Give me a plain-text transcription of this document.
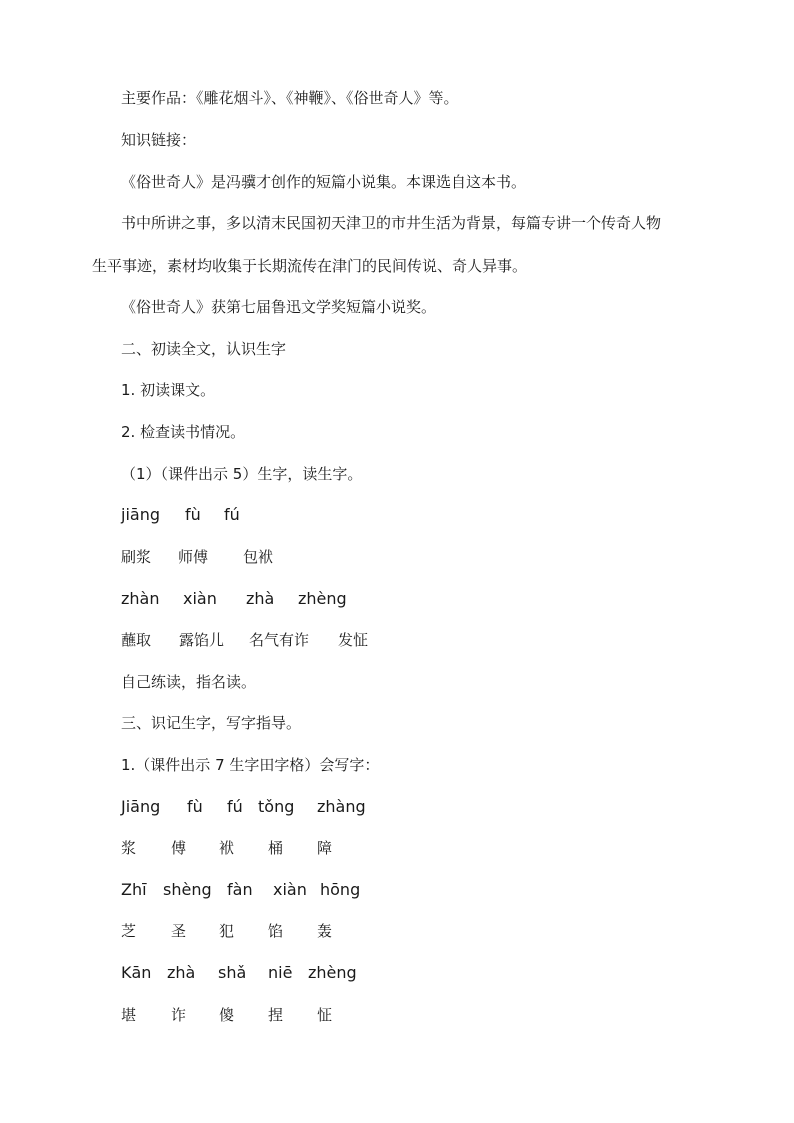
主要作品：《雕花烟斗》、《神鞭》、《俗世奇人》等。

知识链接：

《俗世奇人》是冯骥才创作的短篇小说集。本课选自这本书。

书中所讲之事，多以清末民国初天津卫的市井生活为背景，每篇专讲一个传奇人物

生平事迹，素材均收集于长期流传在津门的民间传说、奇人异事。

《俗世奇人》获第七届鲁迅文学奖短篇小说奖。

二、初读全文，认识生字

1. 初读课文。

2. 检查读书情况。

（1）（课件出示 5）生字，读生字。

jiāng fù fú
刷浆 师傅 包袱
zhàn xiàn zhà zhèng
蘸取 露馅儿 名气有诈 发怔

自己练读，指名读。

三、识记生字，写字指导。

1.（课件出示 7 生字田字格）会写字：

Jiāng fù fú tǒng zhàng
浆 傅 袱 桶 障
Zhī shèng fàn xiàn hōng
芝 圣 犯 馅 轰
Kān zhà shǎ niē zhèng
堪 诈 傻 捏 怔
